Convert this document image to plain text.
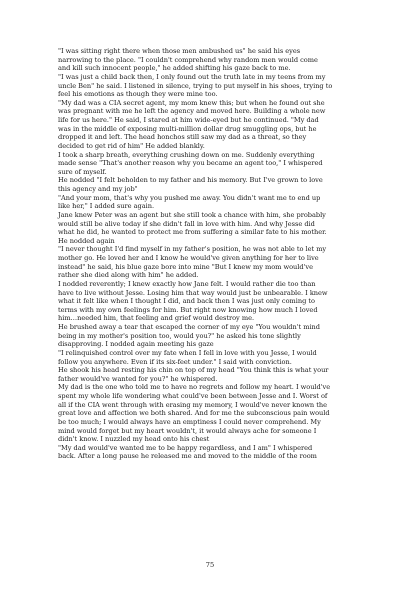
"I was sitting right there when those men ambushed us" he said his eyes

narrowing to the place. "I couldn't comprehend why random men would come

and kill such innocent people," he added shifting his gaze back to me.

"I was just a child back then, I only found out the truth late in my teens from my

uncle Ben" he said. I listened in silence, trying to put myself in his shoes, trying to

feel his emotions as though they were mine too.

"My dad was a CIA secret agent, my mom knew this; but when he found out she

was pregnant with me he left the agency and moved here. Building a whole new

life for us here." He said, I stared at him wide-eyed but he continued. "My dad

was in the middle of exposing multi-million dollar drug smuggling ops, but he

dropped it and left. The head honchos still saw my dad as a threat, so they

decided to get rid of him" He added blankly.

I took a sharp breath, everything crushing down on me. Suddenly everything

made sense "That's another reason why you became an agent too," I whispered

sure of myself.

He nodded "I felt beholden to my father and his memory. But I've grown to love

this agency and my job"

"And your mom, that's why you pushed me away. You didn't want me to end up

like her," I added sure again.

Jane knew Peter was an agent but she still took a chance with him, she probably

would still be alive today if she didn't fall in love with him. And why Jesse did

what he did, he wanted to protect me from suffering a similar fate to his mother.

He nodded again

"I never thought I'd find myself in my father's position, he was not able to let my

mother go. He loved her and I know he would've given anything for her to live

instead" he said, his blue gaze bore into mine "But I knew my mom would've

rather she died along with him" he added.

I nodded reverently; I knew exactly how Jane felt. I would rather die too than

have to live without Jesse. Losing him that way would just be unbearable. I knew

what it felt like when I thought I did, and back then I was just only coming to

terms with my own feelings for him. But right now knowing how much I loved

him…needed him, that feeling and grief would destroy me.

He brushed away a tear that escaped the corner of my eye "You wouldn't mind

being in my mother's position too, would you?" he asked his tone slightly

disapproving. I nodded again meeting his gaze

"I relinquished control over my fate when I fell in love with you Jesse, I would

follow you anywhere. Even if its six-feet under." I said with conviction.

He shook his head resting his chin on top of my head "You think this is what your

father would've wanted for you?" he whispered.

My dad is the one who told me to have no regrets and follow my heart. I would've

spent my whole life wondering what could've been between Jesse and I. Worst of

all if the CIA went through with erasing my memory, I would've never known the

great love and affection we both shared. And for me the subconscious pain would

be too much; I would always have an emptiness I could never comprehend. My

mind would forget but my heart wouldn't, it would always ache for someone I

didn't know. I nuzzled my head onto his chest

"My dad would've wanted me to be happy regardless, and I am" I whispered

back. After a long pause he released me and moved to the middle of the room

75
